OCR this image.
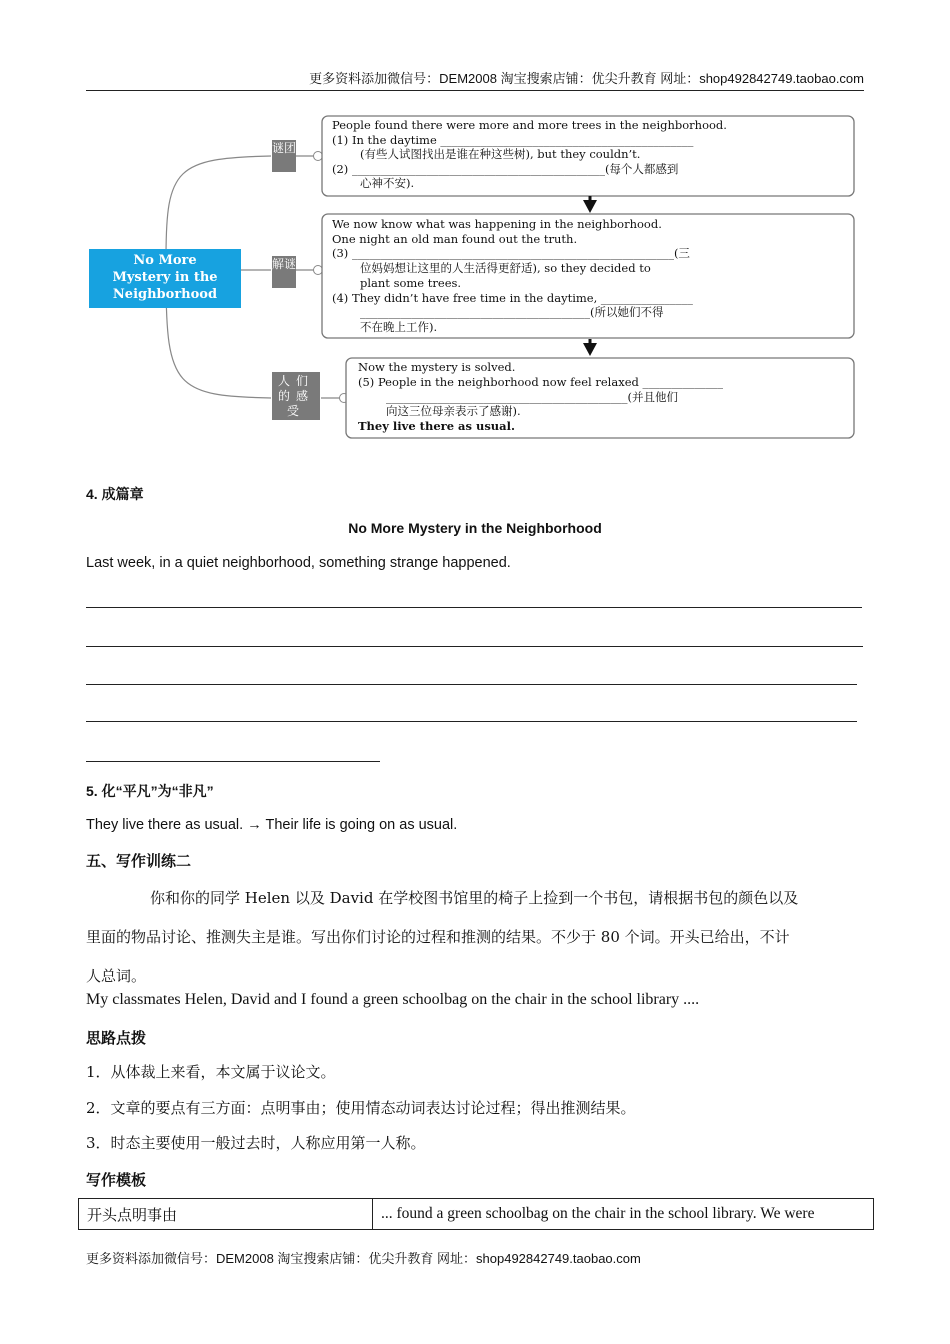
更多资料添加微信号：DEM2008 淘宝搜索店铺：优尖升教育 网址：shop492842749.taobao.com
No More
Mystery in the
Neighborhood
谜团
解谜
人们的感受
People found there were more and more trees in the neighborhood.
(1) In the daytime ____________________________________________
(有些人试图找出是谁在种这些树), but they couldn’t.
(2) ____________________________________________(每个人都感到
心神不安).
We now know what was happening in the neighborhood.
One night an old man found out the truth.
(3) ________________________________________________________(三
位妈妈想让这里的人生活得更舒适), so they decided to
plant some trees.
(4) They didn’t have free time in the daytime, ________________
________________________________________(所以她们不得
不在晚上工作).
Now the mystery is solved.
(5) People in the neighborhood now feel relaxed ______________
__________________________________________(并且他们
向这三位母亲表示了感谢).
They live there as usual.
4. 成篇章
No More Mystery in the Neighborhood
Last week, in a quiet neighborhood, something strange happened.
5. 化“平凡”为“非凡”
They live there as usual. → Their life is going on as usual.
五、写作训练二
你和你的同学 Helen 以及 David 在学校图书馆里的椅子上捡到一个书包，请根据书包的颜色以及
里面的物品讨论、推测失主是谁。写出你们讨论的过程和推测的结果。不少于 80 个词。开头已给出，不计
人总词。
My classmates Helen, David and I found a green schoolbag on the chair in the school library ....
思路点拨
1．从体裁上来看，本文属于议论文。
2．文章的要点有三方面：点明事由；使用情态动词表达讨论过程；得出推测结果。
3．时态主要使用一般过去时，人称应用第一人称。
写作模板
开头点明事由	... found a green schoolbag on the chair in the school library. We were
更多资料添加微信号：DEM2008 淘宝搜索店铺：优尖升教育 网址：shop492842749.taobao.com
